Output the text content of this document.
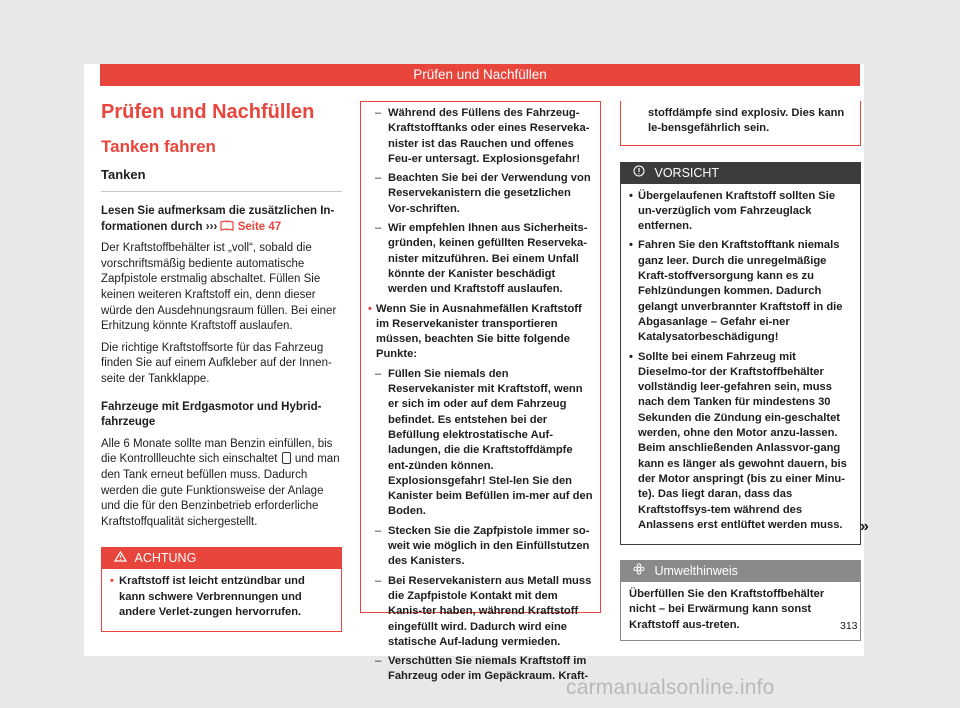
Prüfen und Nachfüllen
Prüfen und Nachfüllen
Tanken fahren
Tanken

Lesen Sie aufmerksam die zusätzlichen In-
formationen durch ››› Seite 47

Der Kraftstoffbehälter ist „voll“, sobald die vorschriftsmäßig bediente automatische Zapfpistole erstmalig abschaltet. Füllen Sie keinen weiteren Kraftstoff ein, denn dieser würde den Ausdehnungsraum füllen. Bei einer Erhitzung könnte Kraftstoff auslaufen.

Die richtige Kraftstoffsorte für das Fahrzeug finden Sie auf einem Aufkleber auf der Innen-seite der Tankklappe.

Fahrzeuge mit Erdgasmotor und Hybrid-fahrzeuge

Alle 6 Monate sollte man Benzin einfüllen, bis die Kontrollleuchte sich einschaltet und man den Tank erneut befüllen muss. Dadurch werden die gute Funktionsweise der Anlage und die für den Benzinbetrieb erforderliche Kraftstoffqualität sichergestellt.

ACHTUNG
• Kraftstoff ist leicht entzündbar und kann schwere Verbrennungen und andere Verlet-zungen hervorrufen.
– Während des Füllens des Fahrzeug-Kraftstofftanks oder eines Reserveka-nister ist das Rauchen und offenes Feu-er untersagt. Explosionsgefahr!
– Beachten Sie bei der Verwendung von Reservekanistern die gesetzlichen Vor-schriften.
– Wir empfehlen Ihnen aus Sicherheits-gründen, keinen gefüllten Reserveka-nister mitzuführen. Bei einem Unfall könnte der Kanister beschädigt werden und Kraftstoff auslaufen.
• Wenn Sie in Ausnahmefällen Kraftstoff im Reservekanister transportieren müssen, beachten Sie bitte folgende Punkte:
– Füllen Sie niemals den Reservekanister mit Kraftstoff, wenn er sich im oder auf dem Fahrzeug befindet. Es entstehen bei der Befüllung elektrostatische Auf-ladungen, die die Kraftstoffdämpfe ent-zünden können. Explosionsgefahr! Stel-len Sie den Kanister beim Befüllen im-mer auf den Boden.
– Stecken Sie die Zapfpistole immer so-weit wie möglich in den Einfüllstutzen des Kanisters.
– Bei Reservekanistern aus Metall muss die Zapfpistole Kontakt mit dem Kanis-ter haben, während Kraftstoff eingefüllt wird. Dadurch wird eine statische Auf-ladung vermieden.
– Verschütten Sie niemals Kraftstoff im Fahrzeug oder im Gepäckraum. Kraft-
stoffdämpfe sind explosiv. Dies kann le-bensgefährlich sein.
VORSICHT
• Übergelaufenen Kraftstoff sollten Sie un-verzüglich vom Fahrzeuglack entfernen.
• Fahren Sie den Kraftstofftank niemals ganz leer. Durch die unregelmäßige Kraft-stoffversorgung kann es zu Fehlzündungen kommen. Dadurch gelangt unverbrannter Kraftstoff in die Abgasanlage – Gefahr ei-ner Katalysatorbeschädigung!
• Sollte bei einem Fahrzeug mit Dieselmo-tor der Kraftstoffbehälter vollständig leer-gefahren sein, muss nach dem Tanken für mindestens 30 Sekunden die Zündung ein-geschaltet werden, ohne den Motor anzu-lassen. Beim anschließenden Anlassvor-gang kann es länger als gewohnt dauern, bis der Motor anspringt (bis zu einer Minu-te). Das liegt daran, dass das Kraftstoffsys-tem während des Anlassens erst entlüftet werden muss.
Umwelthinweis
Überfüllen Sie den Kraftstoffbehälter nicht – bei Erwärmung kann sonst Kraftstoff aus-treten.
»
313
carmanualsonline.info
